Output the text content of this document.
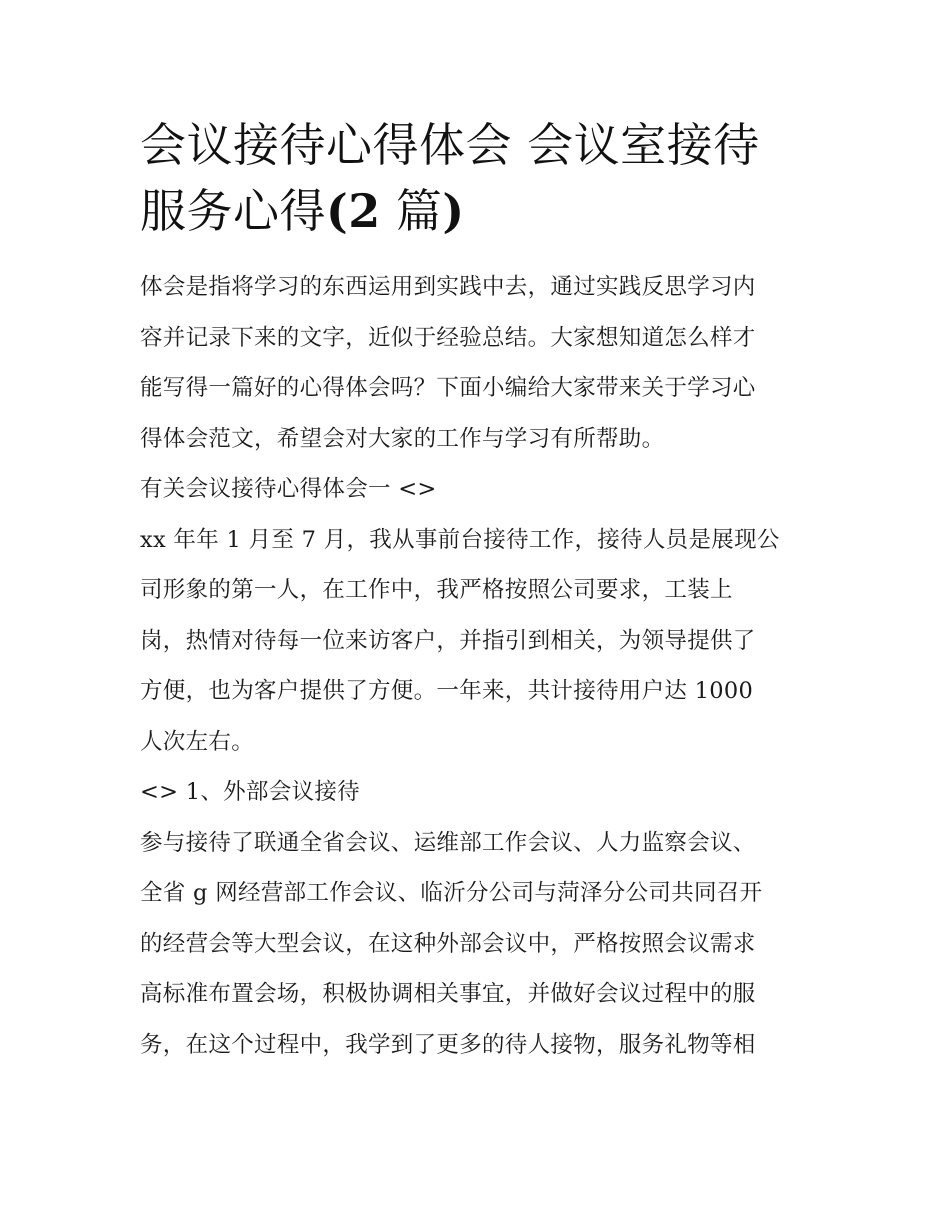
会议接待心得体会 会议室接待
服务心得(2 篇)

体会是指将学习的东西运用到实践中去，通过实践反思学习内
容并记录下来的文字，近似于经验总结。大家想知道怎么样才
能写得一篇好的心得体会吗？下面小编给大家带来关于学习心
得体会范文，希望会对大家的工作与学习有所帮助。

有关会议接待心得体会一 <>

xx 年年 1 月至 7 月，我从事前台接待工作，接待人员是展现公
司形象的第一人，在工作中，我严格按照公司要求，工装上
岗，热情对待每一位来访客户，并指引到相关，为领导提供了
方便，也为客户提供了方便。一年来，共计接待用户达 1000
人次左右。

<> 1、外部会议接待

参与接待了联通全省会议、运维部工作会议、人力监察会议、
全省 g 网经营部工作会议、临沂分公司与菏泽分公司共同召开
的经营会等大型会议，在这种外部会议中，严格按照会议需求
高标准布置会场，积极协调相关事宜，并做好会议过程中的服
务，在这个过程中，我学到了更多的待人接物，服务礼物等相
